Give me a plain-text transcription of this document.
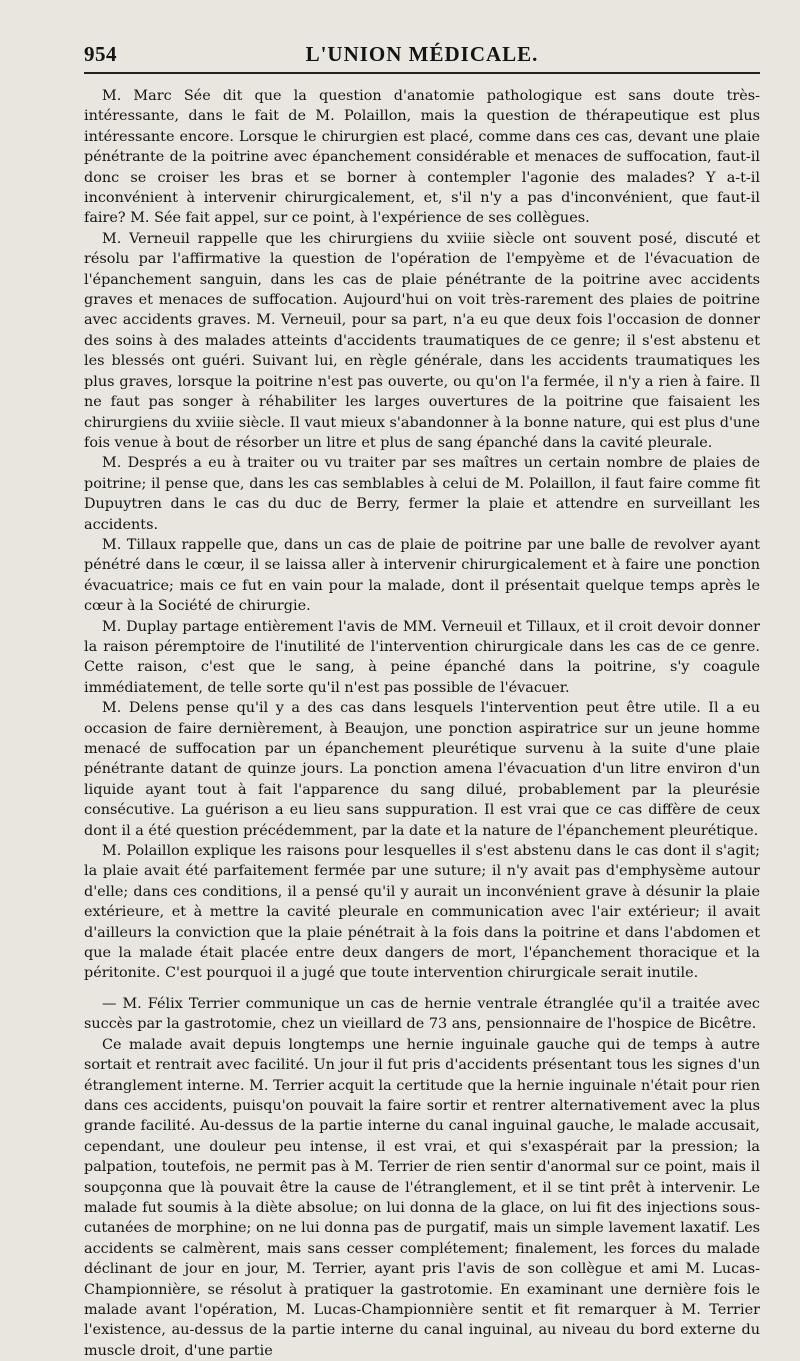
954	L'UNION MÉDICALE.

M. Marc Sée dit que la question d'anatomie pathologique est sans doute très-intéressante, dans le fait de M. Polaillon, mais la question de thérapeutique est plus intéressante encore. Lorsque le chirurgien est placé, comme dans ces cas, devant une plaie pénétrante de la poitrine avec épanchement considérable et menaces de suffocation, faut-il donc se croiser les bras et se borner à contempler l'agonie des malades? Y a-t-il inconvénient à intervenir chirurgicalement, et, s'il n'y a pas d'inconvénient, que faut-il faire? M. Sée fait appel, sur ce point, à l'expérience de ses collègues.

M. Verneuil rappelle que les chirurgiens du xviiie siècle ont souvent posé, discuté et résolu par l'affirmative la question de l'opération de l'empyème et de l'évacuation de l'épanchement sanguin, dans les cas de plaie pénétrante de la poitrine avec accidents graves et menaces de suffocation. Aujourd'hui on voit très-rarement des plaies de poitrine avec accidents graves. M. Verneuil, pour sa part, n'a eu que deux fois l'occasion de donner des soins à des malades atteints d'accidents traumatiques de ce genre; il s'est abstenu et les blessés ont guéri. Suivant lui, en règle générale, dans les accidents traumatiques les plus graves, lorsque la poitrine n'est pas ouverte, ou qu'on l'a fermée, il n'y a rien à faire. Il ne faut pas songer à réhabiliter les larges ouvertures de la poitrine que faisaient les chirurgiens du xviiie siècle. Il vaut mieux s'abandonner à la bonne nature, qui est plus d'une fois venue à bout de résorber un litre et plus de sang épanché dans la cavité pleurale.

M. Després a eu à traiter ou vu traiter par ses maîtres un certain nombre de plaies de poitrine; il pense que, dans les cas semblables à celui de M. Polaillon, il faut faire comme fit Dupuytren dans le cas du duc de Berry, fermer la plaie et attendre en surveillant les accidents.

M. Tillaux rappelle que, dans un cas de plaie de poitrine par une balle de revolver ayant pénétré dans le cœur, il se laissa aller à intervenir chirurgicalement et à faire une ponction évacuatrice; mais ce fut en vain pour la malade, dont il présentait quelque temps après le cœur à la Société de chirurgie.

M. Duplay partage entièrement l'avis de MM. Verneuil et Tillaux, et il croit devoir donner la raison péremptoire de l'inutilité de l'intervention chirurgicale dans les cas de ce genre. Cette raison, c'est que le sang, à peine épanché dans la poitrine, s'y coagule immédiatement, de telle sorte qu'il n'est pas possible de l'évacuer.

M. Delens pense qu'il y a des cas dans lesquels l'intervention peut être utile. Il a eu occasion de faire dernièrement, à Beaujon, une ponction aspiratrice sur un jeune homme menacé de suffocation par un épanchement pleurétique survenu à la suite d'une plaie pénétrante datant de quinze jours. La ponction amena l'évacuation d'un litre environ d'un liquide ayant tout à fait l'apparence du sang dilué, probablement par la pleurésie consécutive. La guérison a eu lieu sans suppuration. Il est vrai que ce cas diffère de ceux dont il a été question précédemment, par la date et la nature de l'épanchement pleurétique.

M. Polaillon explique les raisons pour lesquelles il s'est abstenu dans le cas dont il s'agit; la plaie avait été parfaitement fermée par une suture; il n'y avait pas d'emphysème autour d'elle; dans ces conditions, il a pensé qu'il y aurait un inconvénient grave à désunir la plaie extérieure, et à mettre la cavité pleurale en communication avec l'air extérieur; il avait d'ailleurs la conviction que la plaie pénétrait à la fois dans la poitrine et dans l'abdomen et que la malade était placée entre deux dangers de mort, l'épanchement thoracique et la péritonite. C'est pourquoi il a jugé que toute intervention chirurgicale serait inutile.

— M. Félix Terrier communique un cas de hernie ventrale étranglée qu'il a traitée avec succès par la gastrotomie, chez un vieillard de 73 ans, pensionnaire de l'hospice de Bicêtre.

Ce malade avait depuis longtemps une hernie inguinale gauche qui de temps à autre sortait et rentrait avec facilité. Un jour il fut pris d'accidents présentant tous les signes d'un étranglement interne. M. Terrier acquit la certitude que la hernie inguinale n'était pour rien dans ces accidents, puisqu'on pouvait la faire sortir et rentrer alternativement avec la plus grande facilité. Au-dessus de la partie interne du canal inguinal gauche, le malade accusait, cependant, une douleur peu intense, il est vrai, et qui s'exaspérait par la pression; la palpation, toutefois, ne permit pas à M. Terrier de rien sentir d'anormal sur ce point, mais il soupçonna que là pouvait être la cause de l'étranglement, et il se tint prêt à intervenir. Le malade fut soumis à la diète absolue; on lui donna de la glace, on lui fit des injections sous-cutanées de morphine; on ne lui donna pas de purgatif, mais un simple lavement laxatif. Les accidents se calmèrent, mais sans cesser complétement; finalement, les forces du malade déclinant de jour en jour, M. Terrier, ayant pris l'avis de son collègue et ami M. Lucas-Championnière, se résolut à pratiquer la gastrotomie. En examinant une dernière fois le malade avant l'opération, M. Lucas-Championnière sentit et fit remarquer à M. Terrier l'existence, au-dessus de la partie interne du canal inguinal, au niveau du bord externe du muscle droit, d'une partie
